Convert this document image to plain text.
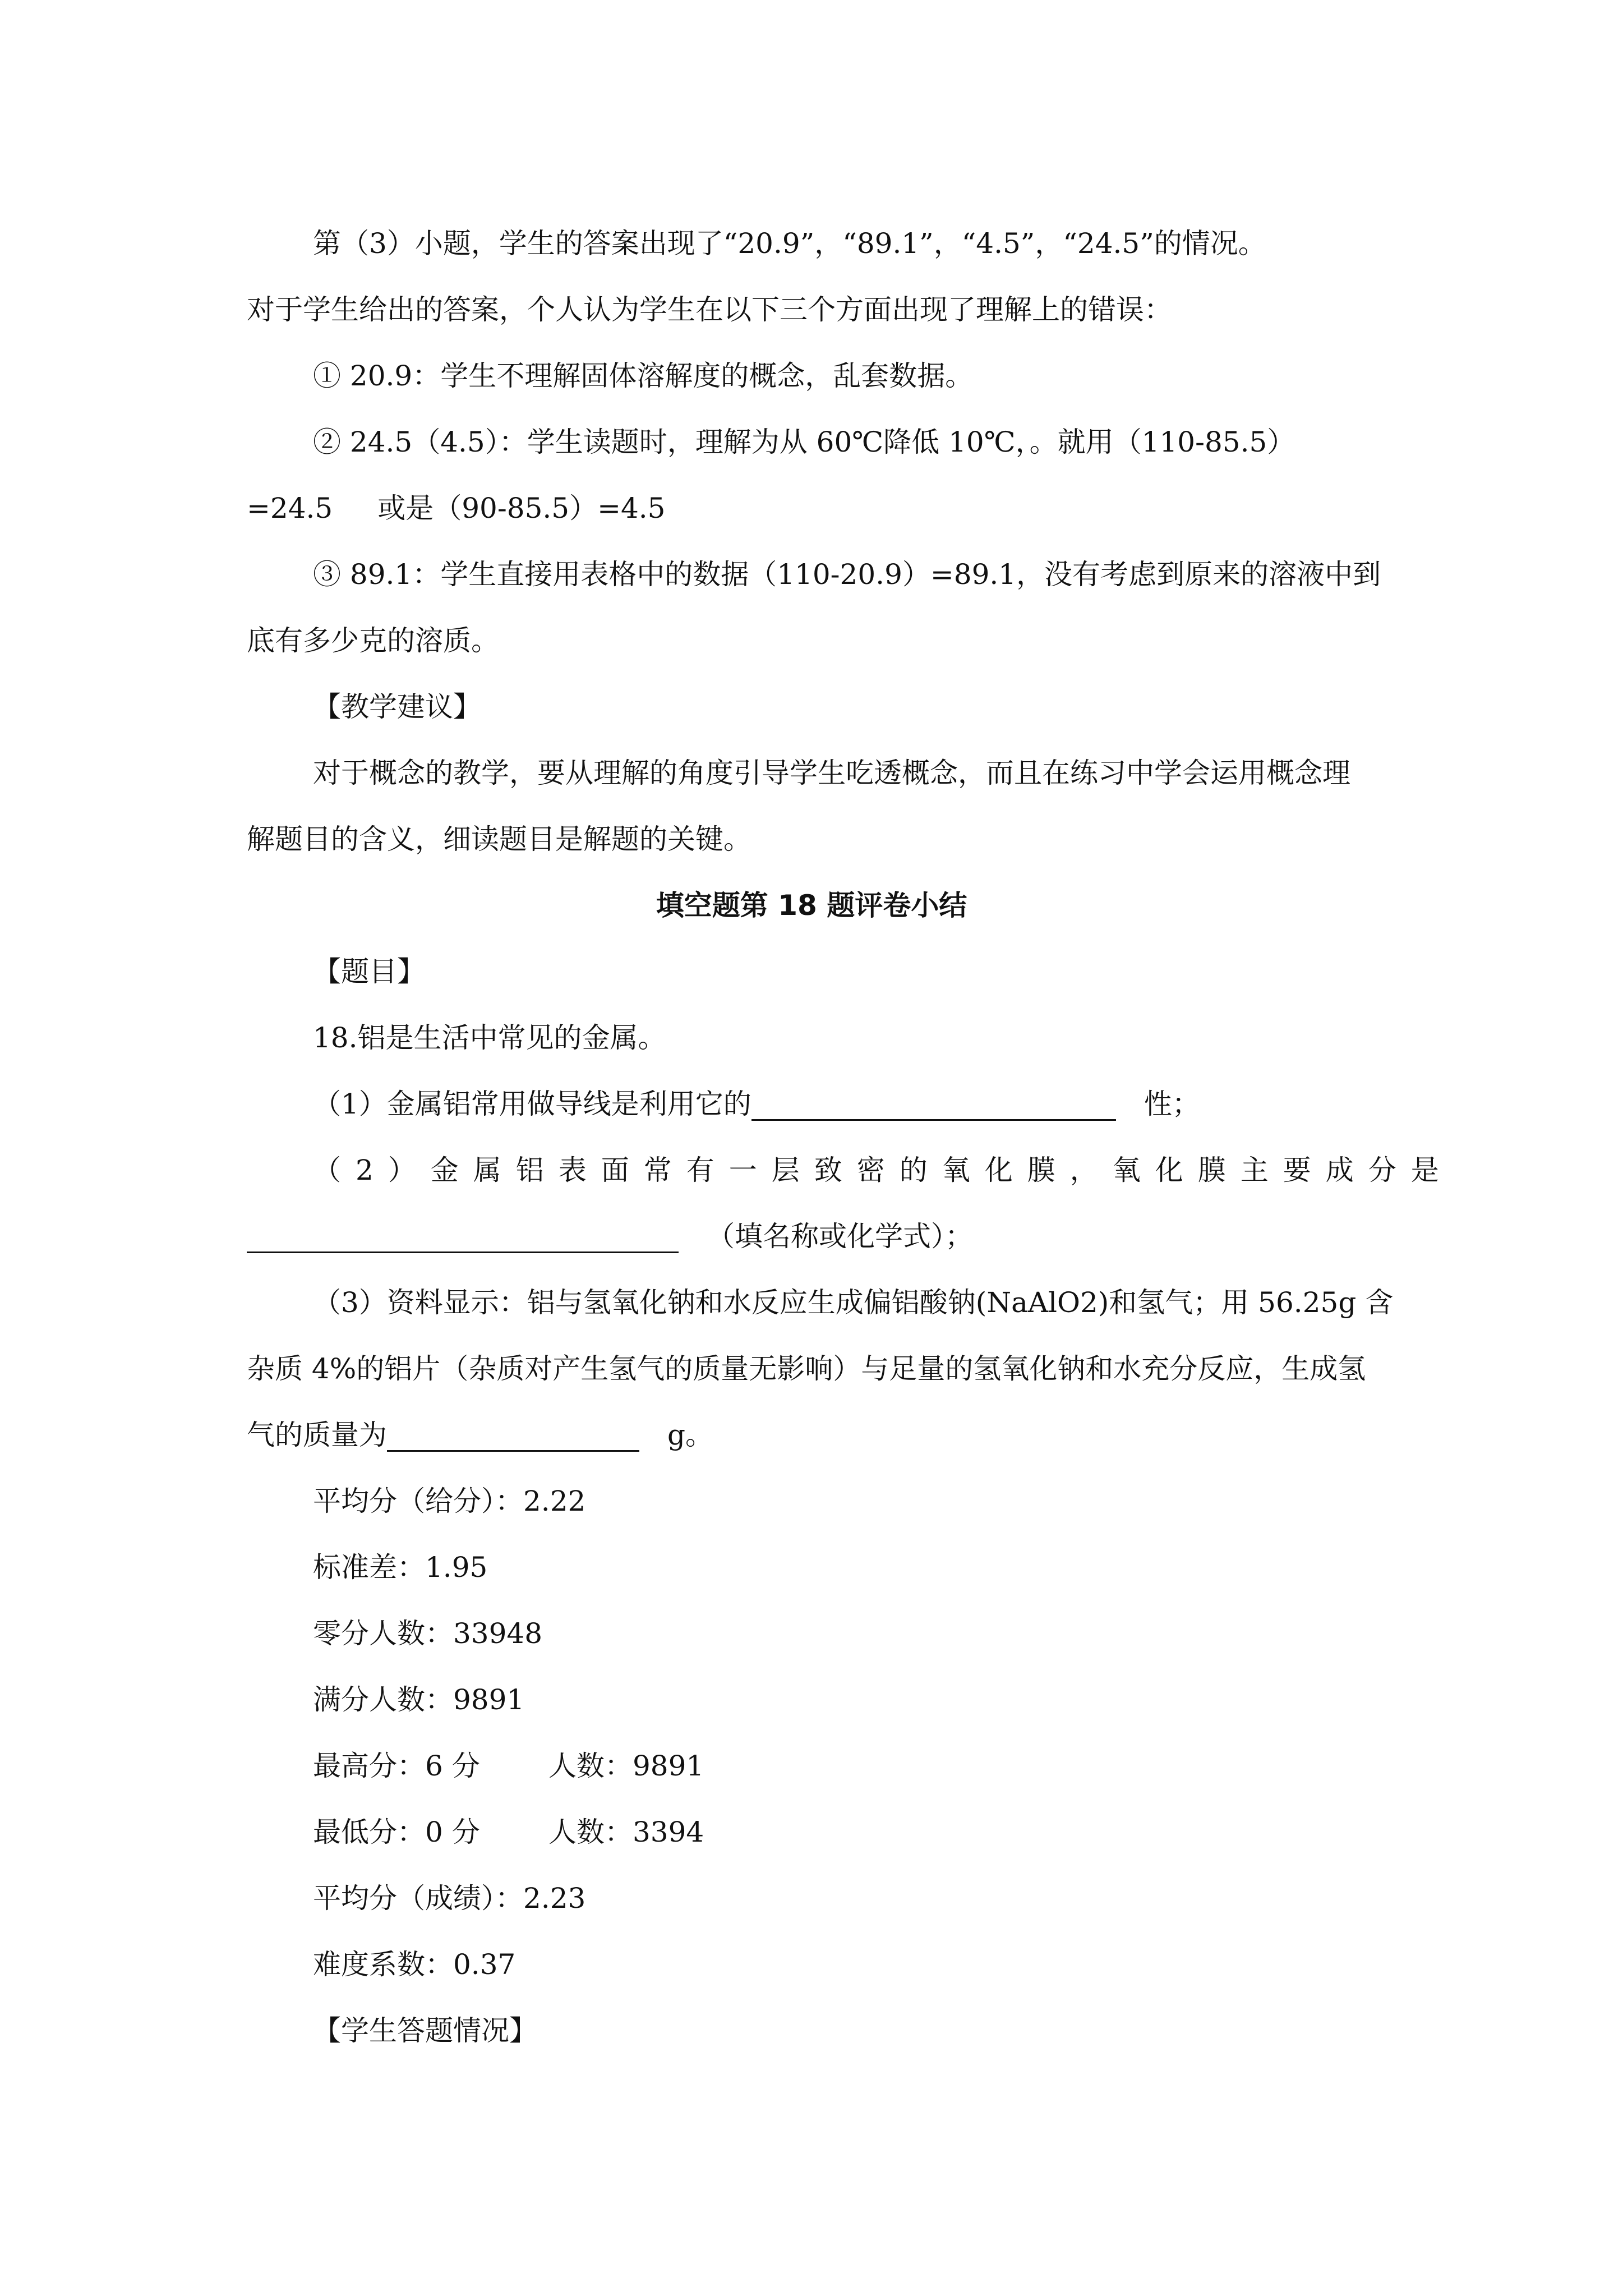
第（3）小题，学生的答案出现了“20.9”，“89.1”，“4.5”，“24.5”的情况。
对于学生给出的答案，个人认为学生在以下三个方面出现了理解上的错误：
① 20.9：学生不理解固体溶解度的概念，乱套数据。
② 24.5（4.5）：学生读题时，理解为从 60℃降低 10℃，。就用（110-85.5）
=24.5 或是（90-85.5）=4.5
③ 89.1：学生直接用表格中的数据（110-20.9）=89.1，没有考虑到原来的溶液中到
底有多少克的溶质。
【教学建议】
对于概念的教学，要从理解的角度引导学生吃透概念，而且在练习中学会运用概念理
解题目的含义，细读题目是解题的关键。
填空题第 18 题评卷小结
【题目】
18.铝是生活中常见的金属。
（1）金属铝常用做导线是利用它的	性；
（2）金属铝表面常有一层致密的氧化膜，氧化膜主要成分是
（填名称或化学式）；
（3）资料显示：铝与氢氧化钠和水反应生成偏铝酸钠(NaAlO2)和氢气；用 56.25g 含
杂质 4%的铝片（杂质对产生氢气的质量无影响）与足量的氢氧化钠和水充分反应，生成氢
气的质量为	g。
平均分（给分）：2.22
标准差：1.95
零分人数：33948
满分人数：9891
最高分：6 分 人数：9891
最低分：0 分 人数：3394
平均分（成绩）：2.23
难度系数：0.37
【学生答题情况】
